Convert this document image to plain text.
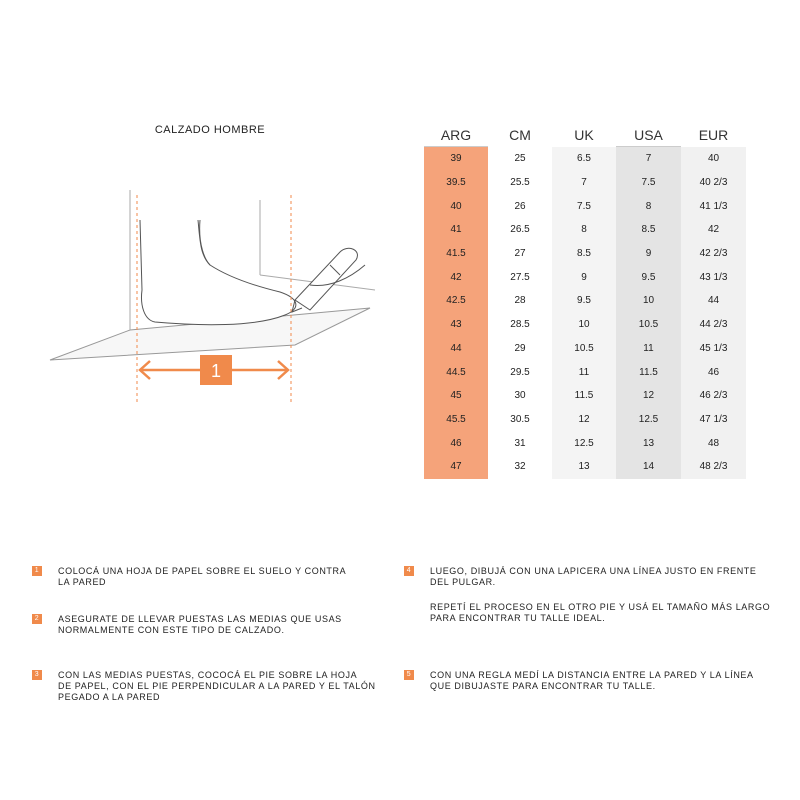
CALZADO HOMBRE
1
ARG	CM	UK	USA	EUR
39	25	6.5	7	40
39.5	25.5	7	7.5	40 2/3
40	26	7.5	8	41 1/3
41	26.5	8	8.5	42
41.5	27	8.5	9	42 2/3
42	27.5	9	9.5	43 1/3
42.5	28	9.5	10	44
43	28.5	10	10.5	44 2/3
44	29	10.5	11	45 1/3
44.5	29.5	11	11.5	46
45	30	11.5	12	46 2/3
45.5	30.5	12	12.5	47 1/3
46	31	12.5	13	48
47	32	13	14	48 2/3
1	COLOCÁ UNA HOJA DE PAPEL SOBRE EL SUELO Y CONTRA
LA PARED
2	ASEGURATE DE LLEVAR PUESTAS LAS MEDIAS QUE USAS
NORMALMENTE CON ESTE TIPO DE CALZADO.
3	CON LAS MEDIAS PUESTAS, COCOCÁ EL PIE SOBRE LA HOJA
DE PAPEL, CON EL PIE PERPENDICULAR A LA PARED Y EL TALÓN
PEGADO A LA PARED
4	LUEGO, DIBUJÁ CON UNA LAPICERA UNA LÍNEA JUSTO EN FRENTE
DEL PULGAR.

REPETÍ EL PROCESO EN EL OTRO PIE Y USÁ EL TAMAÑO MÁS LARGO
PARA ENCONTRAR TU TALLE IDEAL.

5	CON UNA REGLA MEDÍ LA DISTANCIA ENTRE LA PARED Y LA LÍNEA
QUE DIBUJASTE PARA ENCONTRAR TU TALLE.
